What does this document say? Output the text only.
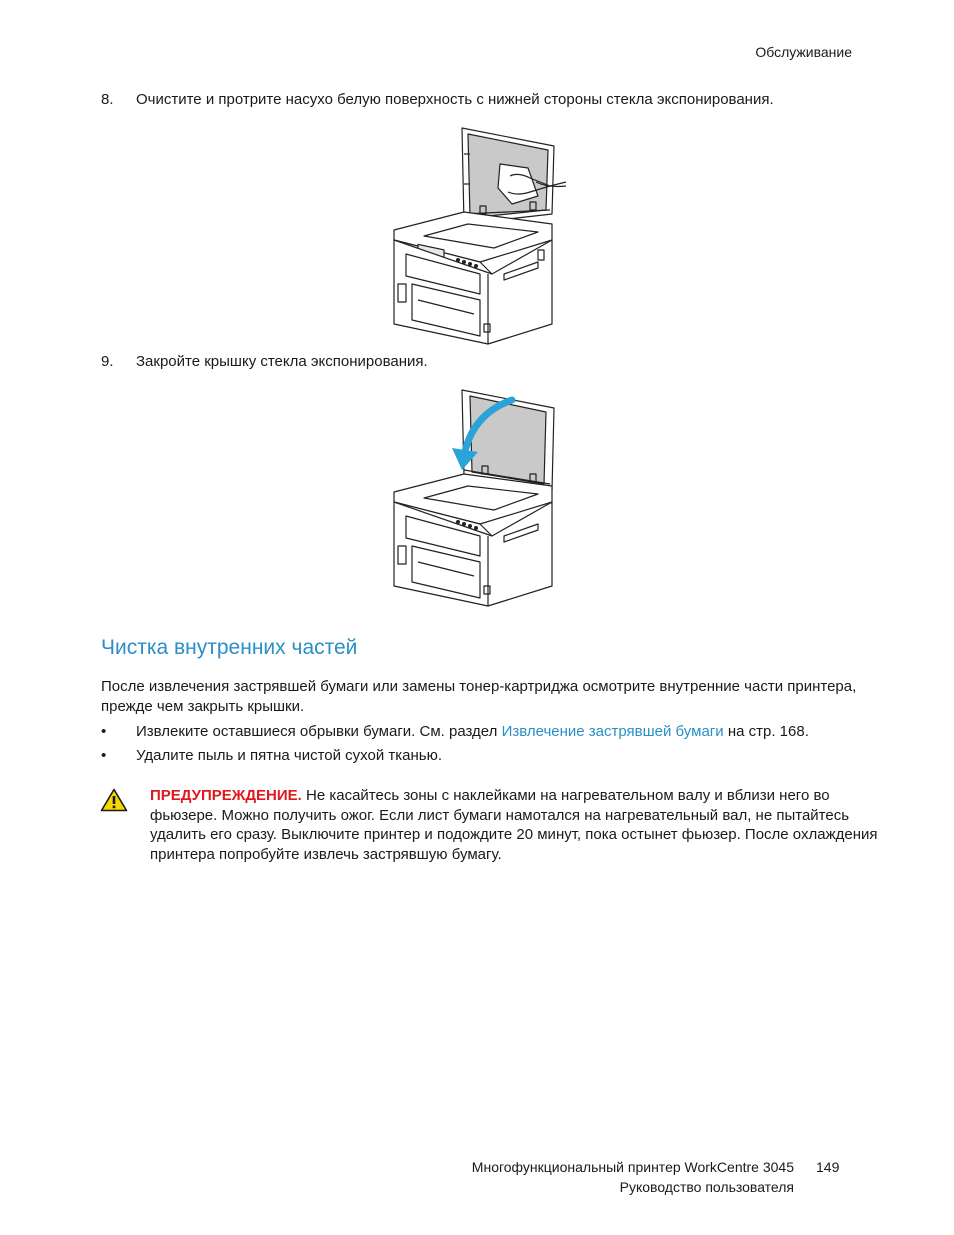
Обслуживание
8. Очистите и протрите насухо белую поверхность с нижней стороны стекла экспонирования.
9. Закройте крышку стекла экспонирования.
Чистка внутренних частей

После извлечения застрявшей бумаги или замены тонер-картриджа осмотрите внутренние части принтера, прежде чем закрыть крышки.

• Извлеките оставшиеся обрывки бумаги. См. раздел Извлечение застрявшей бумаги на стр. 168.
• Удалите пыль и пятна чистой сухой тканью.
ПРЕДУПРЕЖДЕНИЕ. Не касайтесь зоны с наклейками на нагревательном валу и вблизи него во фьюзере. Можно получить ожог. Если лист бумаги намотался на нагревательный вал, не пытайтесь удалить его сразу. Выключите принтер и подождите 20 минут, пока остынет фьюзер. После охлаждения принтера попробуйте извлечь застрявшую бумагу.
Многофункциональный принтер WorkCentre 3045
Руководство пользователя
149
